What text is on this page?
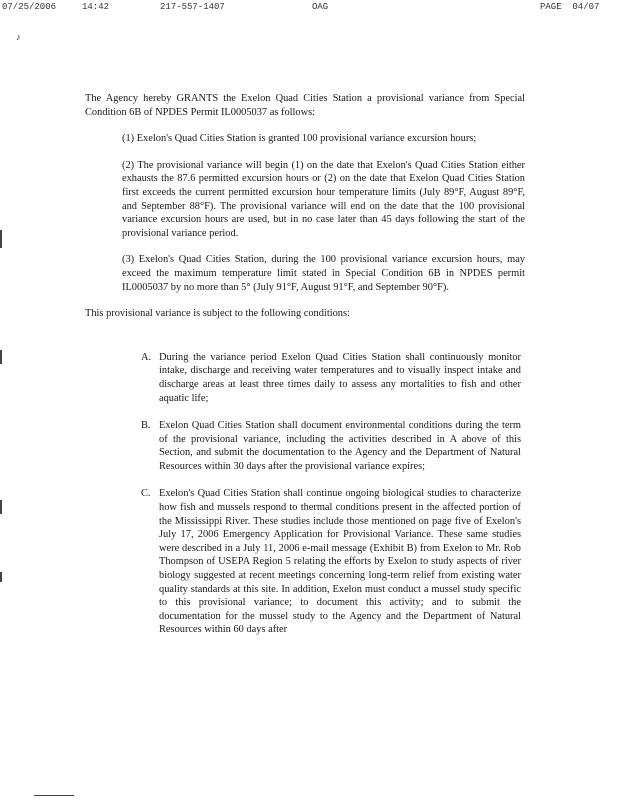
07/25/2006	14:42	217-557-1407	OAG	PAGE  04/07
♪

The Agency hereby GRANTS the Exelon Quad Cities Station a provisional variance from Special Condition 6B of NPDES Permit IL0005037 as follows:

(1) Exelon's Quad Cities Station is granted 100 provisional variance excursion hours;

(2) The provisional variance will begin (1) on the date that Exelon's Quad Cities Station either exhausts the 87.6 permitted excursion hours or (2) on the date that Exelon Quad Cities Station first exceeds the current permitted excursion hour temperature limits (July 89°F, August 89°F, and September 88°F). The provisional variance will end on the date that the 100 provisional variance excursion hours are used, but in no case later than 45 days following the start of the provisional variance period.

(3) Exelon's Quad Cities Station, during the 100 provisional variance excursion hours, may exceed the maximum temperature limit stated in Special Condition 6B in NPDES permit IL0005037 by no more than 5° (July 91°F, August 91°F, and September 90°F).

This provisional variance is subject to the following conditions:

A. During the variance period Exelon Quad Cities Station shall continuously monitor intake, discharge and receiving water temperatures and to visually inspect intake and discharge areas at least three times daily to assess any mortalities to fish and other aquatic life;
B. Exelon Quad Cities Station shall document environmental conditions during the term of the provisional variance, including the activities described in A above of this Section, and submit the documentation to the Agency and the Department of Natural Resources within 30 days after the provisional variance expires;
C. Exelon's Quad Cities Station shall continue ongoing biological studies to characterize how fish and mussels respond to thermal conditions present in the affected portion of the Mississippi River. These studies include those mentioned on page five of Exelon's July 17, 2006 Emergency Application for Provisional Variance. These same studies were described in a July 11, 2006 e-mail message (Exhibit B) from Exelon to Mr. Rob Thompson of USEPA Region 5 relating the efforts by Exelon to study aspects of river biology suggested at recent meetings concerning long-term relief from existing water quality standards at this site. In addition, Exelon must conduct a mussel study specific to this provisional variance; to document this activity; and to submit the documentation for the mussel study to the Agency and the Department of Natural Resources within 60 days after
